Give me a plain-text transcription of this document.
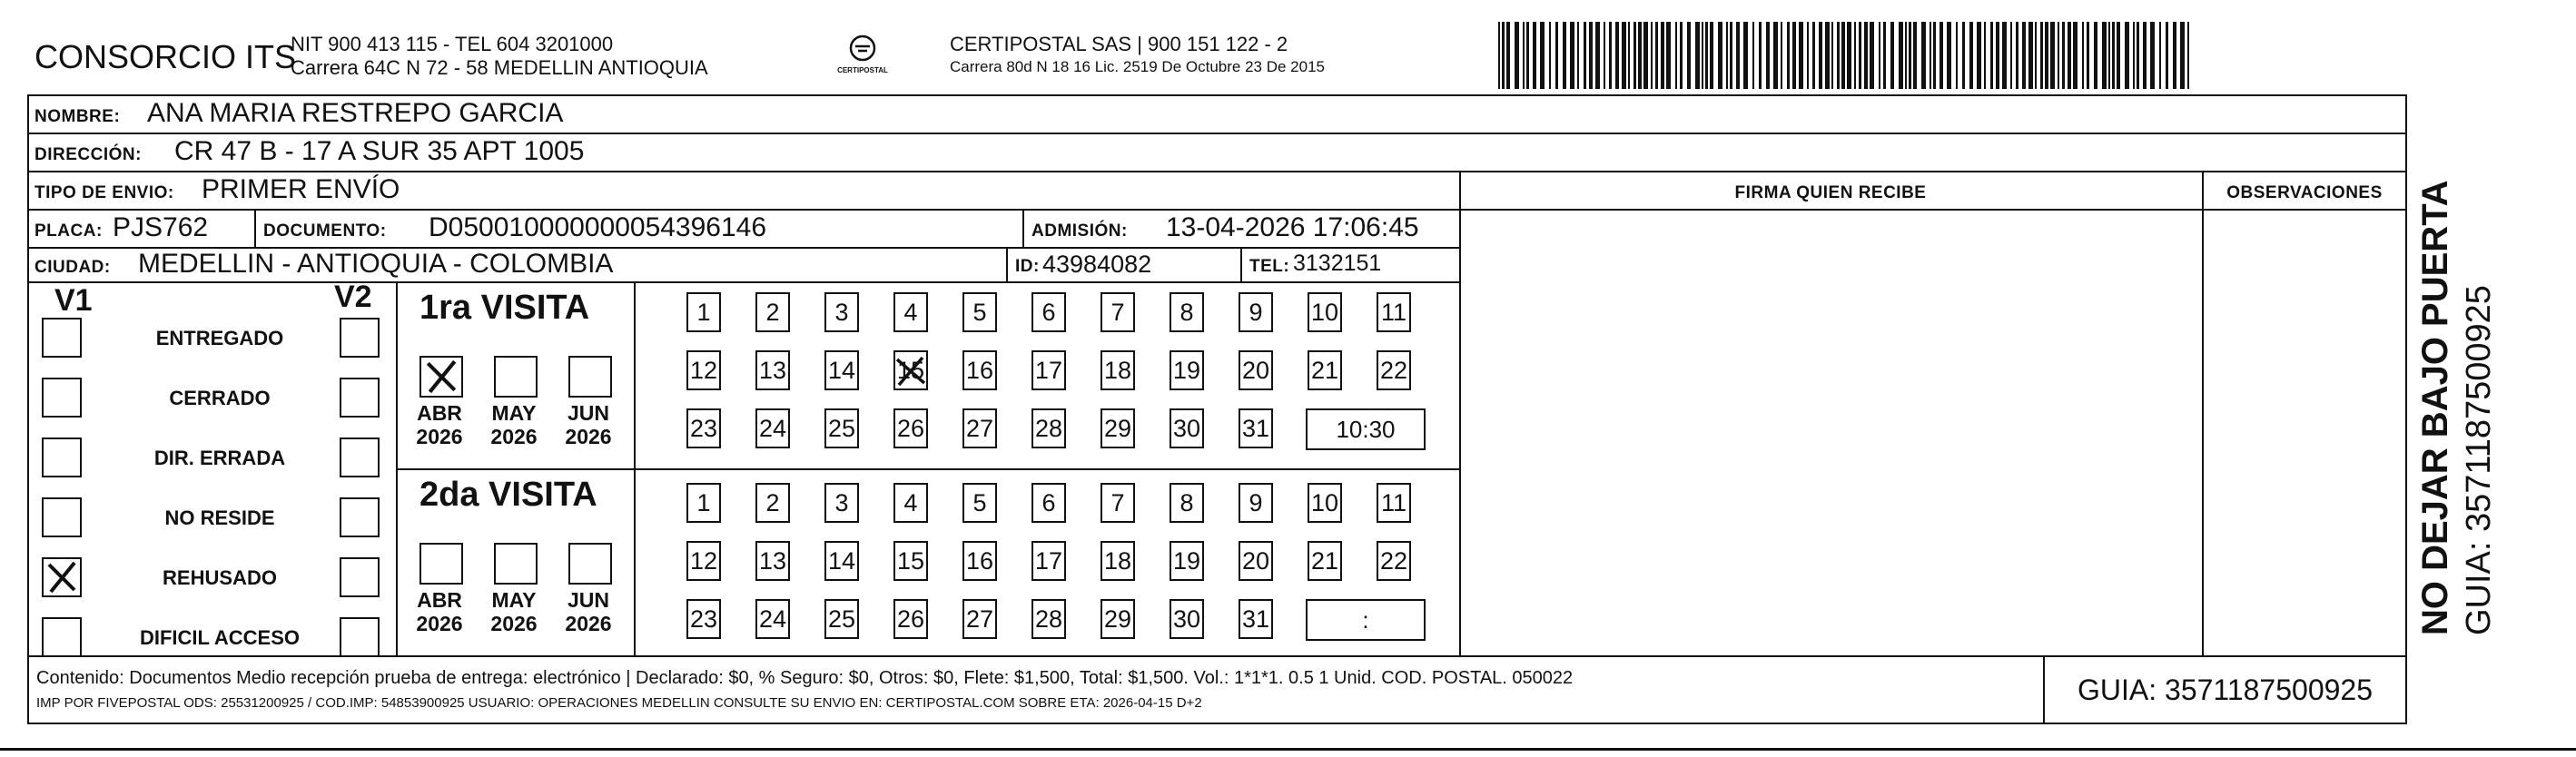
CONSORCIO ITS
NIT 900 413 115 - TEL 604 3201000
Carrera 64C N 72 - 58 MEDELLIN ANTIOQUIA	CERTIPOSTAL
CERTIPOSTAL SAS | 900 151 122 - 2
Carrera 80d N 18 16 Lic. 2519 De Octubre 23 De 2015
NOMBRE: ANA MARIA RESTREPO GARCIA
DIRECCIÓN: CR 47 B - 17 A SUR 35 APT 1005
TIPO DE ENVIO: PRIMER ENVÍO
PLACA: PJS762	DOCUMENTO: D050010000000054396146	ADMISIÓN: 13-04-2026 17:06:45
CIUDAD: MEDELLIN - ANTIOQUIA - COLOMBIA	ID: 43984082	TEL: 3132151
FIRMA QUIEN RECIBE	OBSERVACIONES
V1	V2
ENTREGADO
CERRADO
DIR. ERRADA
NO RESIDE
REHUSADO
DIFICIL ACCESO
1ra VISITA
2da VISITA
ABR
2026
MAY
2026
JUN
2026
ABR
2026
MAY
2026
JUN
2026
1	2	3	4	5	6	7	8	9	10 11
12 13 14 15 16 17 18 19 20 21 22
23 24 25 26 27 28 29 30 31	10:30
1	2	3	4	5	6	7	8	9	10 11
12 13 14 15 16 17 18 19 20 21 22
23 24 25 26 27 28 29 30 31	:
Contenido: Documentos Medio recepción prueba de entrega: electrónico | Declarado: $0, % Seguro: $0, Otros: $0, Flete: $1,500, Total: $1,500. Vol.: 1*1*1. 0.5 1 Unid. COD. POSTAL. 050022
IMP POR FIVEPOSTAL ODS: 25531200925 / COD.IMP: 54853900925 USUARIO: OPERACIONES MEDELLIN CONSULTE SU ENVIO EN: CERTIPOSTAL.COM SOBRE ETA: 2026-04-15 D+2	GUIA: 3571187500925
NO DEJAR BAJO PUERTA GUIA: 3571187500925
